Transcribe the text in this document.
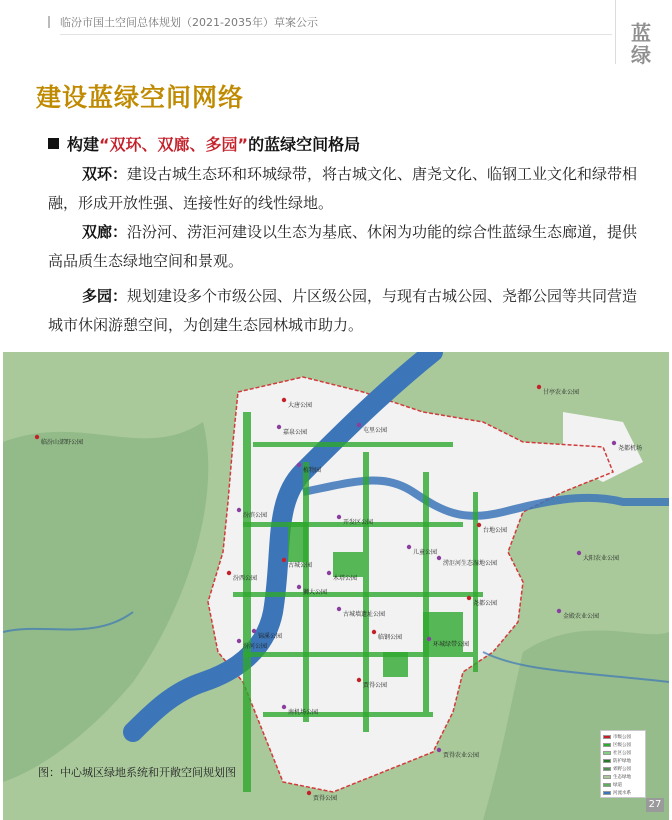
临汾市国土空间总体规划（2021-2035年）草案公示	蓝绿
建设蓝绿空间网络
构建“双环、双廊、多园”的蓝绿空间格局

双环：建设古城生态环和环城绿带，将古城文化、唐尧文化、临钢工业文化和绿带相融，形成开放性强、连接性好的线性绿地。

双廊：沿汾河、涝洰河建设以生态为基底、休闲为功能的综合性蓝绿生态廊道，提供高品质生态绿地空间和景观。

多园：规划建设多个市级公园、片区级公园，与现有古城公园、尧都公园等共同营造城市休闲游憩空间，为创建生态园林城市助力。

大唐公园
嘉泉公园	屯里公园
甘亭农业公园
尧都机场
植物园
临汾山郊野公园
汾滨公园
开发区公园
台地公园
儿童公园
涝洰河生态湿地公园
古城公园
木塔公园
大阳农业公园
汾西公园
狮大公园
古城墙遗址公园
尧都公园
金殿农业公园
锦溪公园	临钢公园
环城绿带公园
汾河公园
贾得公园
南机场公园
贾得农业公园
贾得公园
图：中心城区绿地系统和开敞空间规划图
市级公园
区级公园
社区公园
防护绿地
郊野公园
生态绿地
绿道
河流水系
27
